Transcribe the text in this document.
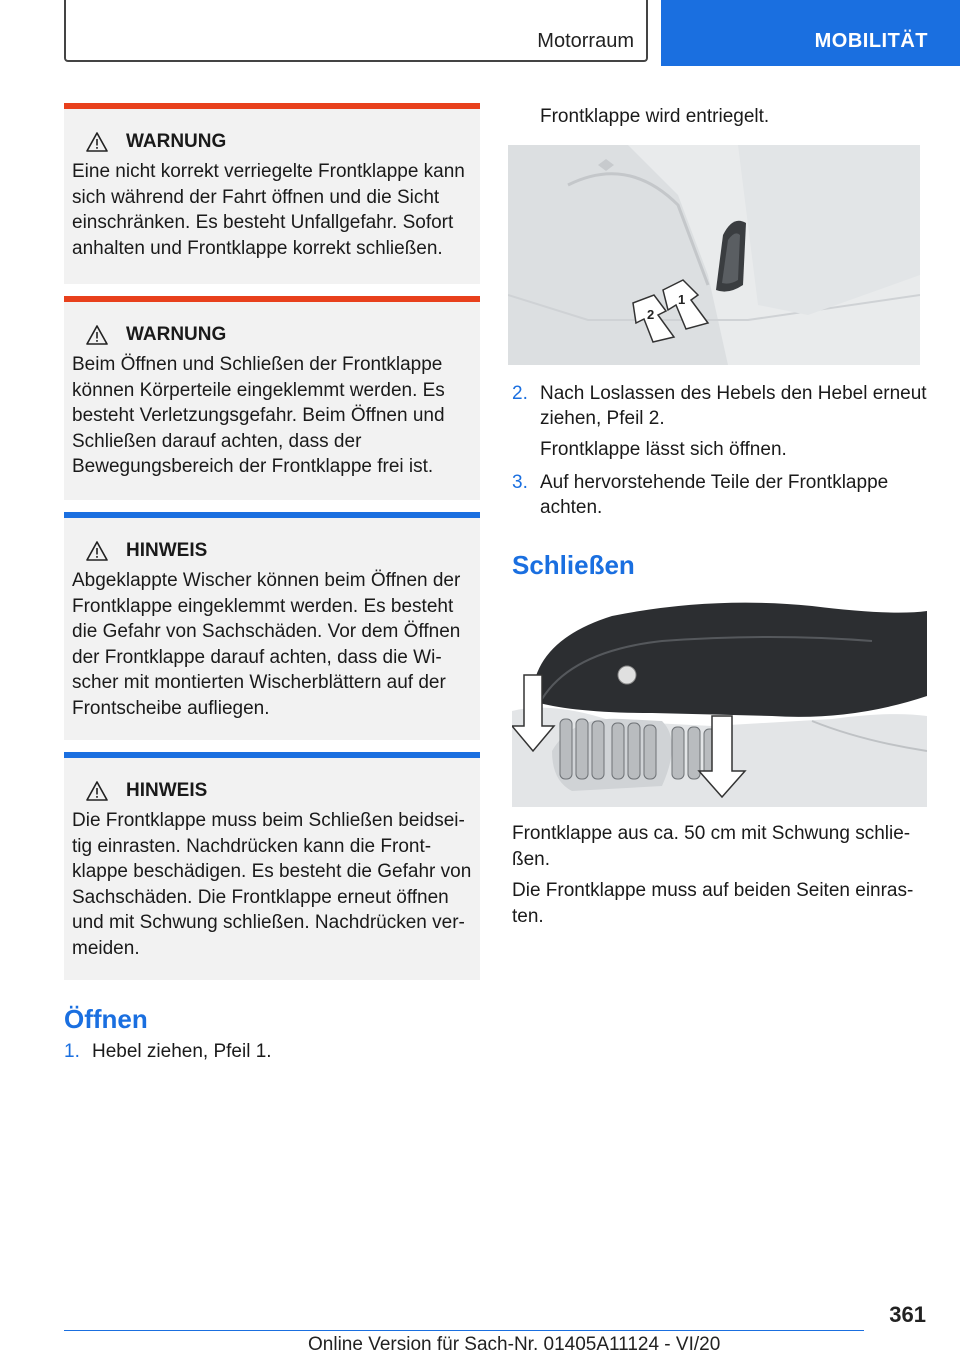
Motorraum	MOBILITÄT
WARNUNG
Eine nicht korrekt verriegelte Frontklappe kann sich während der Fahrt öffnen und die Sicht einschränken. Es besteht Unfallgefahr. Sofort anhalten und Frontklappe korrekt schließen.
WARNUNG
Beim Öffnen und Schließen der Frontklappe können Körperteile eingeklemmt werden. Es besteht Verletzungsgefahr. Beim Öffnen und Schließen darauf achten, dass der Bewegungsbereich der Frontklappe frei ist.
HINWEIS
Abgeklappte Wischer können beim Öffnen der Frontklappe eingeklemmt werden. Es besteht die Gefahr von Sachschäden. Vor dem Öffnen der Frontklappe darauf achten, dass die Wischer mit montierten Wischerblättern auf der Frontscheibe aufliegen.
HINWEIS
Die Frontklappe muss beim Schließen beidseitig einrasten. Nachdrücken kann die Frontklappe beschädigen. Es besteht die Gefahr von Sachschäden. Die Frontklappe erneut öffnen und mit Schwung schließen. Nachdrücken vermeiden.
Öffnen
1. Hebel ziehen, Pfeil 1.
Frontklappe wird entriegelt.
1
2
2. Nach Loslassen des Hebels den Hebel erneut ziehen, Pfeil 2.
Frontklappe lässt sich öffnen.
3. Auf hervorstehende Teile der Frontklappe achten.
Schließen
Frontklappe aus ca. 50 cm mit Schwung schließen.
Die Frontklappe muss auf beiden Seiten einrasten.
361
Online Version für Sach-Nr. 01405A11124 - VI/20
